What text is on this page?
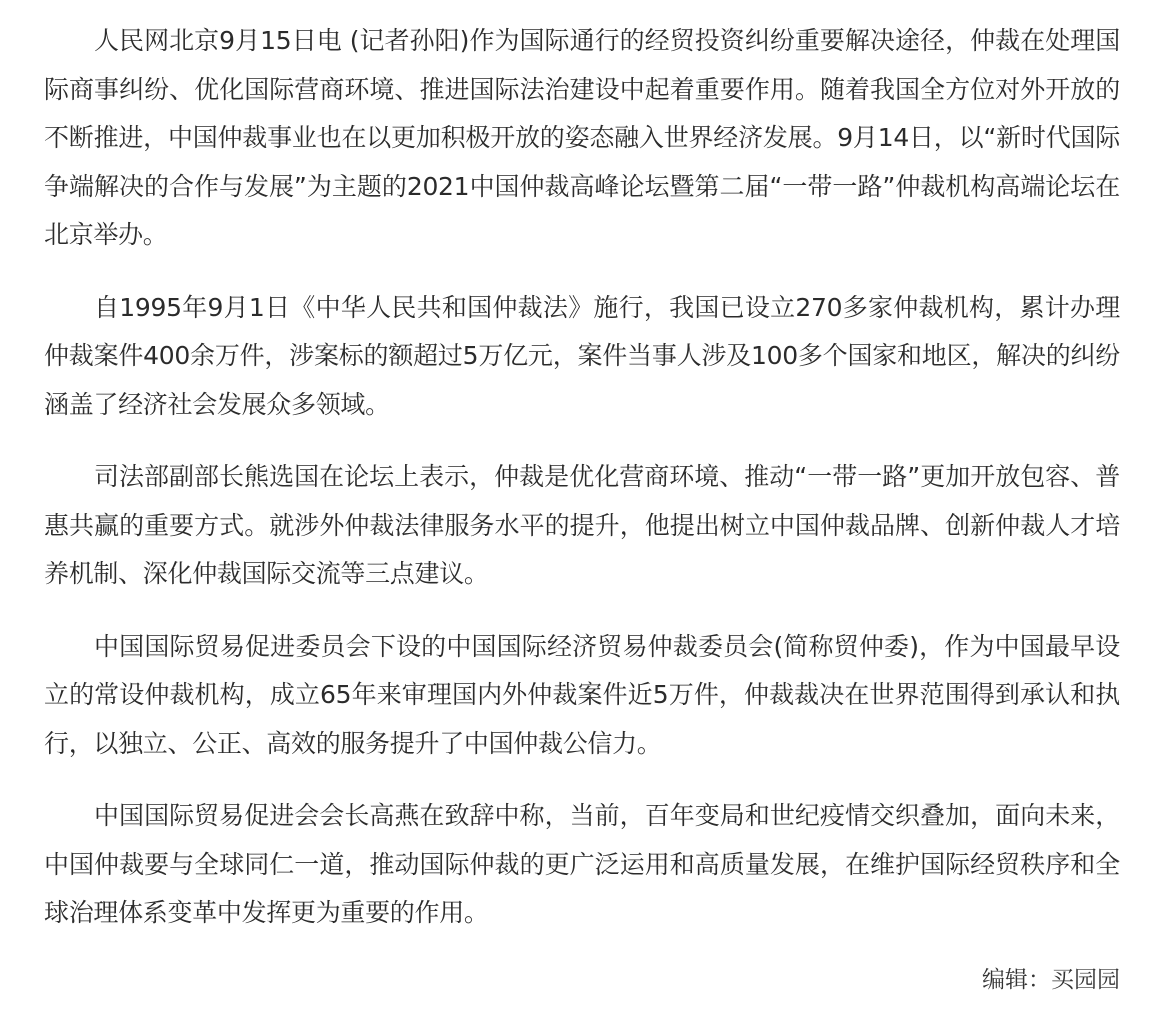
人民网北京9月15日电 (记者孙阳)作为国际通行的经贸投资纠纷重要解决途径，仲裁在处理国际商事纠纷、优化国际营商环境、推进国际法治建设中起着重要作用。随着我国全方位对外开放的不断推进，中国仲裁事业也在以更加积极开放的姿态融入世界经济发展。9月14日，以“新时代国际争端解决的合作与发展”为主题的2021中国仲裁高峰论坛暨第二届“一带一路”仲裁机构高端论坛在北京举办。

自1995年9月1日《中华人民共和国仲裁法》施行，我国已设立270多家仲裁机构，累计办理仲裁案件400余万件，涉案标的额超过5万亿元，案件当事人涉及100多个国家和地区，解决的纠纷涵盖了经济社会发展众多领域。

司法部副部长熊选国在论坛上表示，仲裁是优化营商环境、推动“一带一路”更加开放包容、普惠共赢的重要方式。就涉外仲裁法律服务水平的提升，他提出树立中国仲裁品牌、创新仲裁人才培养机制、深化仲裁国际交流等三点建议。

中国国际贸易促进委员会下设的中国国际经济贸易仲裁委员会(简称贸仲委)，作为中国最早设立的常设仲裁机构，成立65年来审理国内外仲裁案件近5万件，仲裁裁决在世界范围得到承认和执行，以独立、公正、高效的服务提升了中国仲裁公信力。

中国国际贸易促进会会长高燕在致辞中称，当前，百年变局和世纪疫情交织叠加，面向未来，中国仲裁要与全球同仁一道，推动国际仲裁的更广泛运用和高质量发展，在维护国际经贸秩序和全球治理体系变革中发挥更为重要的作用。

编辑：买园园
